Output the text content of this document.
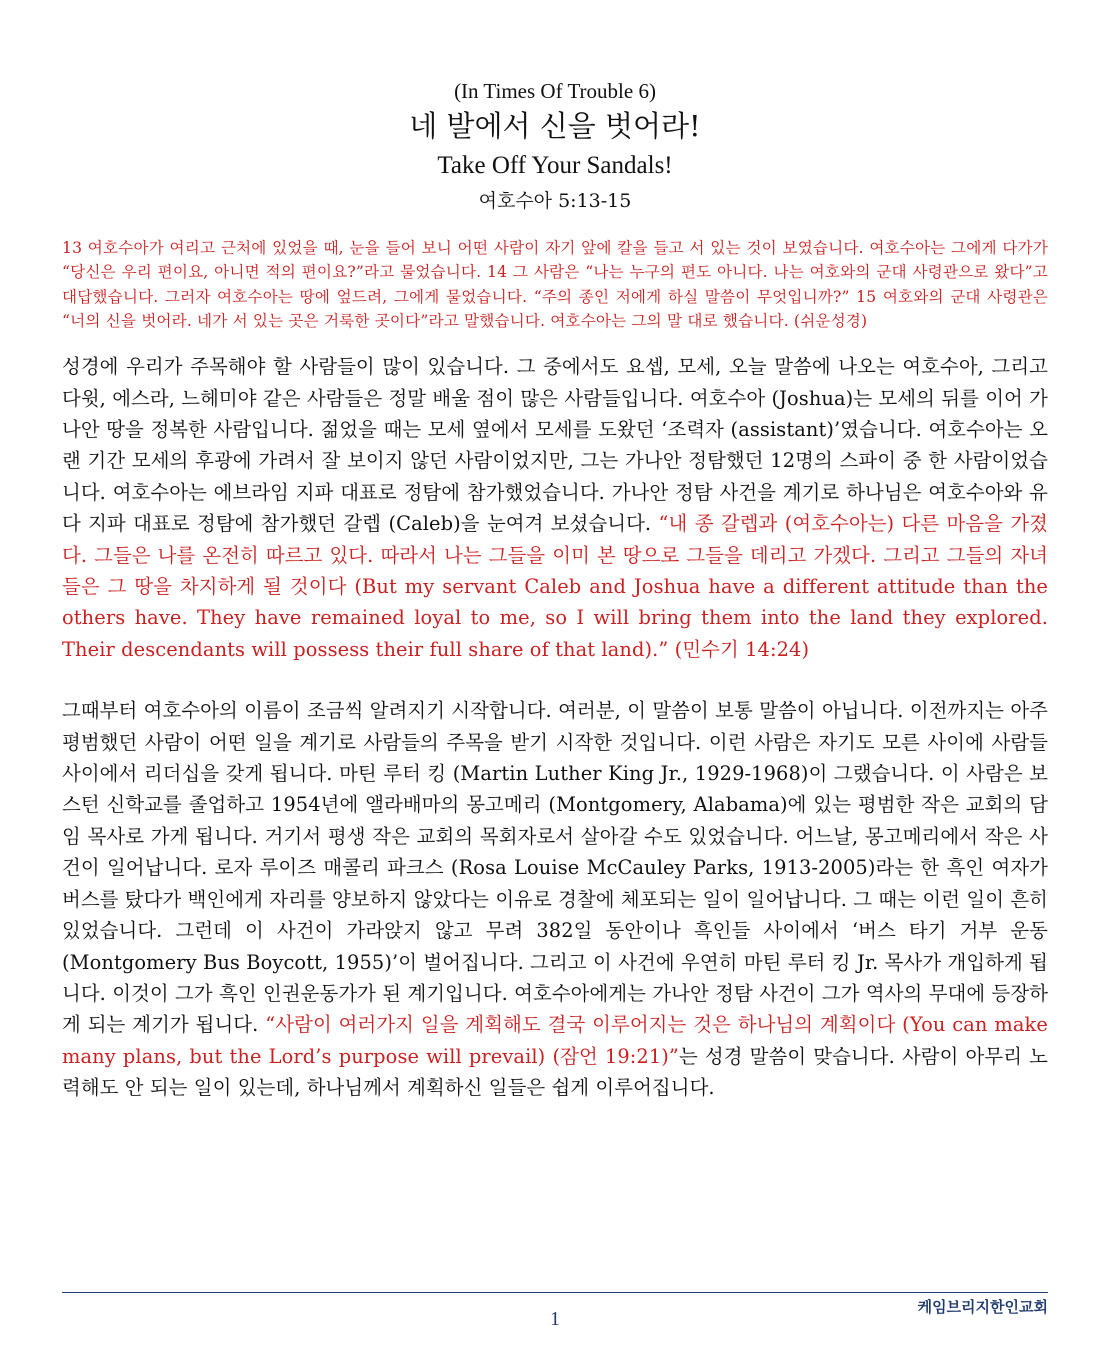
(In Times Of Trouble 6)
네 발에서 신을 벗어라!
Take Off Your Sandals!
여호수아 5:13-15
13 여호수아가 여리고 근처에 있었을 때, 눈을 들어 보니 어떤 사람이 자기 앞에 칼을 들고 서 있는 것이 보였습니다. 여호수아는 그에게 다가가 “당신은 우리 편이요, 아니면 적의 편이요?”라고 물었습니다. 14 그 사람은 “나는 누구의 편도 아니다. 나는 여호와의 군대 사령관으로 왔다”고 대답했습니다. 그러자 여호수아는 땅에 엎드려, 그에게 물었습니다. “주의 종인 저에게 하실 말씀이 무엇입니까?” 15 여호와의 군대 사령관은 “너의 신을 벗어라. 네가 서 있는 곳은 거룩한 곳이다”라고 말했습니다. 여호수아는 그의 말 대로 했습니다. (쉬운성경)
성경에 우리가 주목해야 할 사람들이 많이 있습니다. 그 중에서도 요셉, 모세, 오늘 말씀에 나오는 여호수아, 그리고 다윗, 에스라, 느헤미야 같은 사람들은 정말 배울 점이 많은 사람들입니다. 여호수아 (Joshua)는 모세의 뒤를 이어 가나안 땅을 정복한 사람입니다. 젊었을 때는 모세 옆에서 모세를 도왔던 ‘조력자 (assistant)’였습니다. 여호수아는 오랜 기간 모세의 후광에 가려서 잘 보이지 않던 사람이었지만, 그는 가나안 정탐했던 12명의 스파이 중 한 사람이었습니다. 여호수아는 에브라임 지파 대표로 정탐에 참가했었습니다. 가나안 정탐 사건을 계기로 하나님은 여호수아와 유다 지파 대표로 정탐에 참가했던 갈렙 (Caleb)을 눈여겨 보셨습니다. “내 종 갈렙과 (여호수아는) 다른 마음을 가졌다. 그들은 나를 온전히 따르고 있다. 따라서 나는 그들을 이미 본 땅으로 그들을 데리고 가겠다. 그리고 그들의 자녀들은 그 땅을 차지하게 될 것이다 (But my servant Caleb and Joshua have a different attitude than the others have. They have remained loyal to me, so I will bring them into the land they explored. Their descendants will possess their full share of that land).” (민수기 14:24)
그때부터 여호수아의 이름이 조금씩 알려지기 시작합니다. 여러분, 이 말씀이 보통 말씀이 아닙니다. 이전까지는 아주 평범했던 사람이 어떤 일을 계기로 사람들의 주목을 받기 시작한 것입니다. 이런 사람은 자기도 모른 사이에 사람들 사이에서 리더십을 갖게 됩니다. 마틴 루터 킹 (Martin Luther King Jr., 1929-1968)이 그랬습니다. 이 사람은 보스턴 신학교를 졸업하고 1954년에 앨라배마의 몽고메리 (Montgomery, Alabama)에 있는 평범한 작은 교회의 담임 목사로 가게 됩니다. 거기서 평생 작은 교회의 목회자로서 살아갈 수도 있었습니다. 어느날, 몽고메리에서 작은 사건이 일어납니다. 로자 루이즈 매콜리 파크스 (Rosa Louise McCauley Parks, 1913-2005)라는 한 흑인 여자가 버스를 탔다가 백인에게 자리를 양보하지 않았다는 이유로 경찰에 체포되는 일이 일어납니다. 그 때는 이런 일이 흔히 있었습니다. 그런데 이 사건이 가라앉지 않고 무려 382일 동안이나 흑인들 사이에서 ‘버스 타기 거부 운동 (Montgomery Bus Boycott, 1955)’이 벌어집니다. 그리고 이 사건에 우연히 마틴 루터 킹 Jr. 목사가 개입하게 됩니다. 이것이 그가 흑인 인권운동가가 된 계기입니다. 여호수아에게는 가나안 정탐 사건이 그가 역사의 무대에 등장하게 되는 계기가 됩니다. “사람이 여러가지 일을 계획해도 결국 이루어지는 것은 하나님의 계획이다 (You can make many plans, but the Lord’s purpose will prevail) (잠언 19:21)”는 성경 말씀이 맞습니다. 사람이 아무리 노력해도 안 되는 일이 있는데, 하나님께서 계획하신 일들은 쉽게 이루어집니다.
케임브리지한인교회
1
